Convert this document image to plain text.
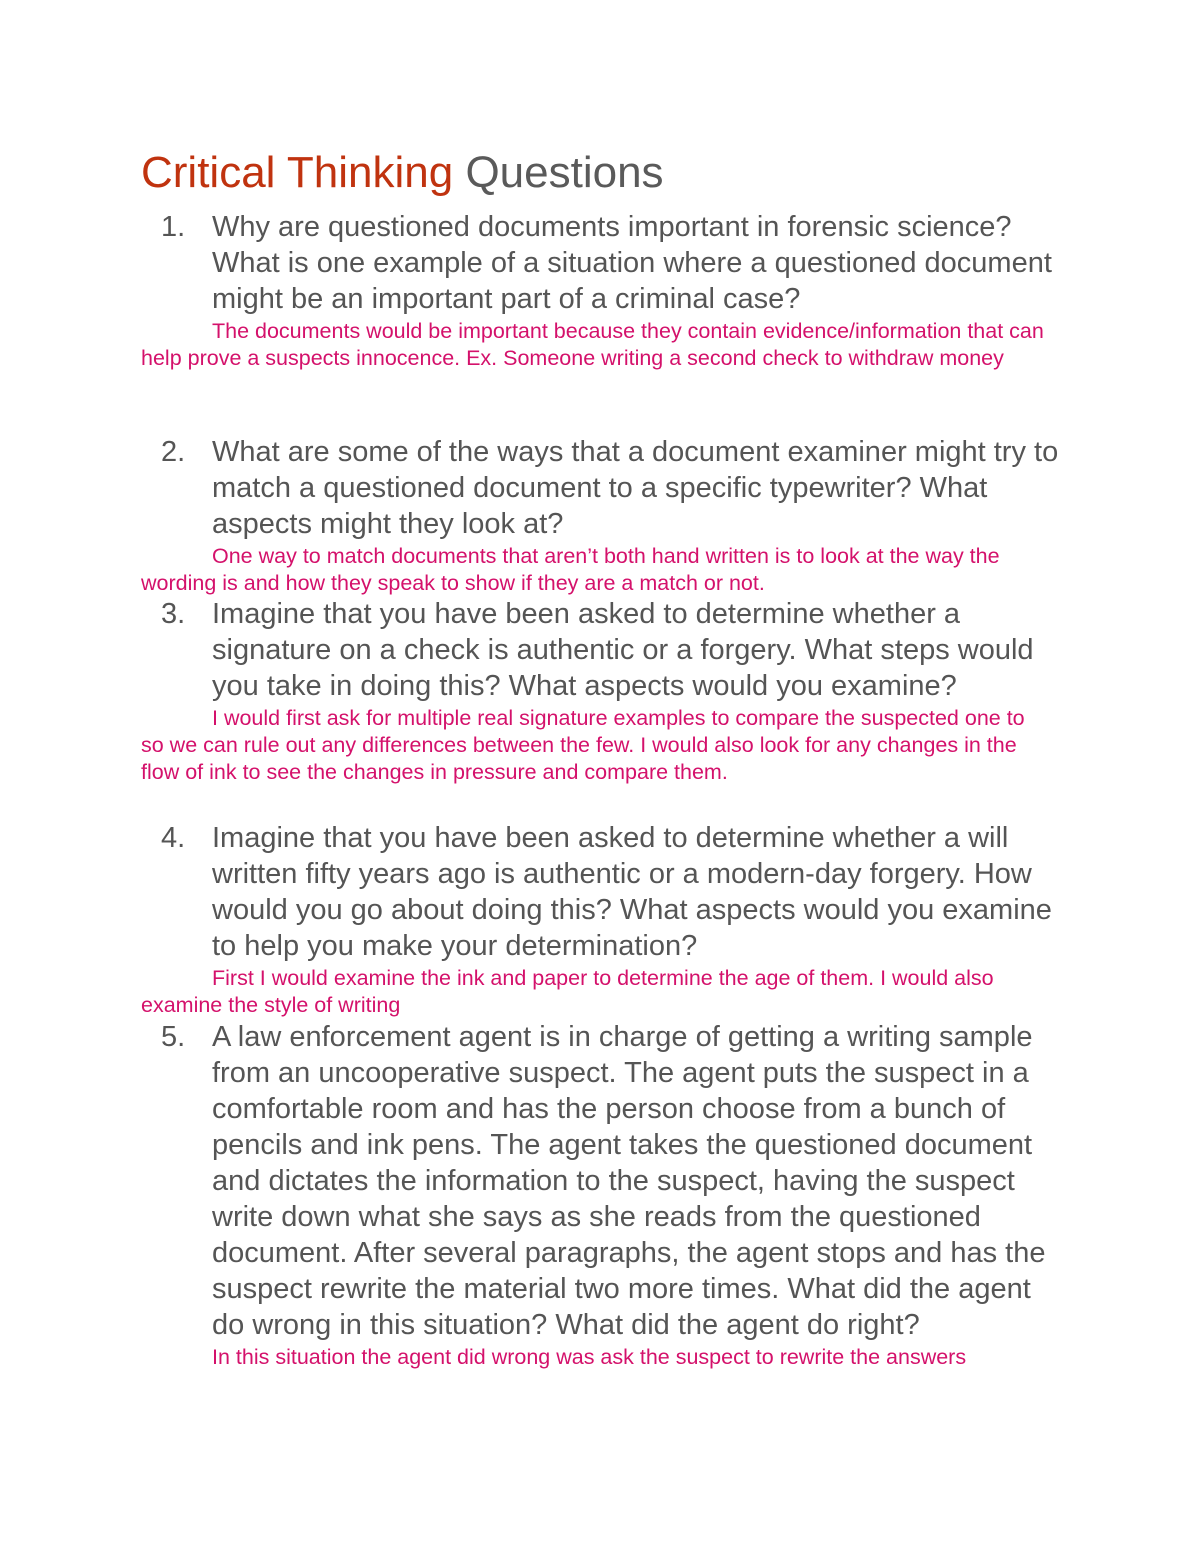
Critical Thinking Questions
1. Why are questioned documents important in forensic science? What is one example of a situation where a questioned document might be an important part of a criminal case?
The documents would be important because they contain evidence/information that can help prove a suspects innocence. Ex. Someone writing a second check to withdraw money
2. What are some of the ways that a document examiner might try to match a questioned document to a specific typewriter? What aspects might they look at?
One way to match documents that aren’t both hand written is to look at the way the wording is and how they speak to show if they are a match or not.
3. Imagine that you have been asked to determine whether a signature on a check is authentic or a forgery. What steps would you take in doing this? What aspects would you examine?
I would first ask for multiple real signature examples to compare the suspected one to so we can rule out any differences between the few. I would also look for any changes in the flow of ink to see the changes in pressure and compare them.
4. Imagine that you have been asked to determine whether a will written fifty years ago is authentic or a modern-day forgery. How would you go about doing this? What aspects would you examine to help you make your determination?
First I would examine the ink and paper to determine the age of them. I would also examine the style of writing
5. A law enforcement agent is in charge of getting a writing sample from an uncooperative suspect. The agent puts the suspect in a comfortable room and has the person choose from a bunch of pencils and ink pens. The agent takes the questioned document and dictates the information to the suspect, having the suspect write down what she says as she reads from the questioned document. After several paragraphs, the agent stops and has the suspect rewrite the material two more times. What did the agent do wrong in this situation? What did the agent do right?
In this situation the agent did wrong was ask the suspect to rewrite the answers
